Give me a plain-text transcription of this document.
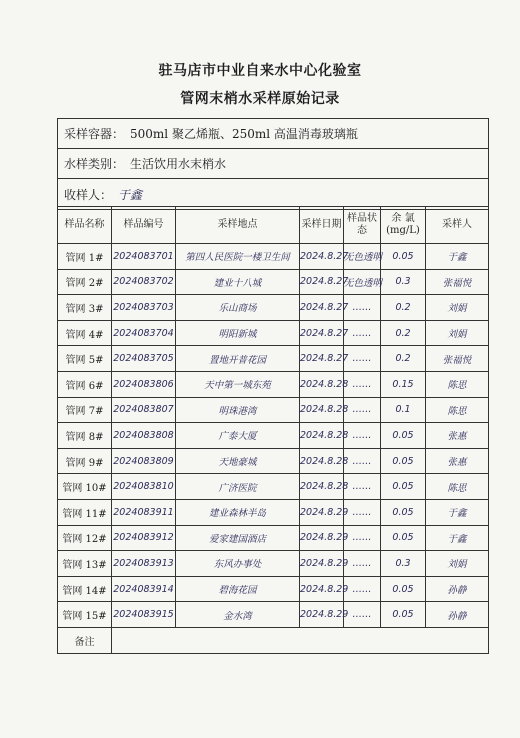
驻马店市中业自来水中心化验室
管网末梢水采样原始记录
采样容器： 500ml 聚乙烯瓶、250ml 高温消毒玻璃瓶
水样类别： 生活饮用水末梢水
收样人： 于鑫
样品名称	样品编号	采样地点	采样日期	样品状态	余 氯 (mg/L)	采样人
管网 1#	2024083701	第四人民医院一楼卫生间	2024.8.27	无色透明	0.05	于鑫
管网 2#	2024083702	建业十八城	2024.8.27	无色透明	0.3	张福悦
管网 3#	2024083703	乐山商场	2024.8.27	……	0.2	刘娟
管网 4#	2024083704	明阳新城	2024.8.27	……	0.2	刘娟
管网 5#	2024083705	置地开普花园	2024.8.27	……	0.2	张福悦
管网 6#	2024083806	天中第一城东苑	2024.8.28	……	0.15	陈思
管网 7#	2024083807	明珠港湾	2024.8.28	……	0.1	陈思
管网 8#	2024083808	广泰大厦	2024.8.28	……	0.05	张惠
管网 9#	2024083809	天地豪城	2024.8.28	……	0.05	张惠
管网 10#	2024083810	广济医院	2024.8.28	……	0.05	陈思
管网 11#	2024083911	建业森林半岛	2024.8.29	……	0.05	于鑫
管网 12#	2024083912	爱家建国酒店	2024.8.29	……	0.05	于鑫
管网 13#	2024083913	东风办事处	2024.8.29	……	0.3	刘娟
管网 14#	2024083914	碧海花园	2024.8.29	……	0.05	孙静
管网 15#	2024083915	金水湾	2024.8.29	……	0.05	孙静
备注						
